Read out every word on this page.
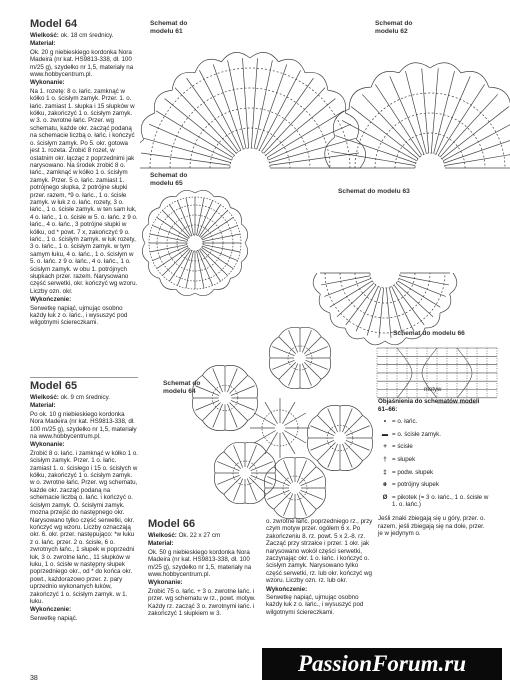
Model 64

Wielkość: ok. 18 cm średnicy.

Materiał:

Ok. 20 g niebieskiego kordonka Nora Madeira (nr kat. HS9813-338, dł. 100 m/25 g), szydełko nr 1,5, materiały na www.hobbycentrum.pl.

Wykonanie:

Na 1. rozetę: 8 o. łańc. zamknąć w kółko 1 o. ścisłym zamyk. Przer. 1. o. łańc. zamiast 1. słupka i 15 słupków w kółku, zakończyć 1 o. ścisłym zamyk. w 3. o. zwrotne łańc. Przer. wg schematu, każde okr. zacząć podaną na schemacie liczbą o. łańc. i kończyć o. ścisłym zamyk. Po 5. okr. gotowa jest 1. rozeta. Zrobić 8 rozet, w ostatnim okr. łącząc z poprzednimi jak narysowano. Na środek zrobić 8 o. łańc., zamknąć w kółko 1 o. ścisłym zamyk. Przer. 5 o. łańc. zamiast 1. potrójnego słupka, 2 potrójne słupki przer. razem, *9 o. łańc., 1 o. ścisłe zamyk. w łuk z o. łańc. rozety, 3 o. łańc., 1 o. ścisłe zamyk. w ten sam łuk, 4 o. łańc., 1 o. ścisłe w 5. o. łańc. z 9 o. łańc., 4 o. łańc., 3 potrójne słupki w kółku, od * powt. 7 x, zakończyć 9 o. łańc., 1 o. ścisłym zamyk. w łuk rozety, 3 o. łańc., 1 o. ścisłym zamyk. w tym samym łuku, 4 o. łańc., 1 o. ścisłym w 5. o. łańc. z 9 o. łańc., 4 o. łańc., 1 o. ścisłym zamyk. w obu 1. potrójnych słupkach przer. razem. Narysowano część serwetki, okr. kończyć wg wzoru. Liczby ozn. okr.

Wykończenie:

Serwetkę napiąć, ujmując osobno każdy łuk z o. łańc., i wysuszyć pod wilgotnymi ściereczkami.

Model 65

Wielkość: ok. 9 cm średnicy.

Materiał:

Po ok. 10 g niebieskiego kordonka Nora Madeira (nr kat. HS9813-338, dł. 100 m/25 g), szydełko nr 1,5, materiały na www.hobbycentrum.pl.

Wykonanie:

Zrobić 8 o. łańc. i zamknąć w kółko 1 o. ścisłym zamyk. Przer. 1 o. łańc. zamiast 1. o. ścisłego i 15 o. ścisłych w kółku, zakończyć 1 o. ścisłym zamyk. w o. zwrotne łańc. Przer. wg schematu, każde okr. zacząć podaną na schemacie liczbą o. łańc. i kończyć o. ścisłym zamyk. O. ścisłymi zamyk. mozna przejść do następnego okr. Narysowano tylko część serwetki, okr. kończyć wg wzoru. Liczby oznaczają okr. 6. okr. przer. następująco: *w łuku z o. łańc. przer. 2 o. ścisłe, 6 o. zwrotnych łańc., 1 słupek w poprzedni łuk, 3 o. zwrotne łańc., 11 słupków w łuku, 1 o. ścisłe w następny słupek poprzedniego okr., od * do końca okr. powt., każdorazowo przer. z. pary uprzednio wykonanych łuków, zakończyć 1 o. ścisłym zamyk. w 1. łuku.

Wykończenie:

Serwetkę napiąć.

Model 66

Wielkość: Ok. 22 x 27 cm

Materiał:

Ok. 50 g niebieskiego kordonka Nora Madeira (nr kat. HS9813-338, dł. 100 m/25 g), szydełko nr 1,5, materiały na www.hobbycentrum.pl.

Wykonanie:

Zrobić 75 o. łańc. + 3 o. zwrotne łańc. i przer. wg schematu w rz., powt. motyw. Każdy rz. zacząć 3 o. zwrotnymi łańc. i zakończyć 1 słupkiem w 3.

o. zwrotne łańc. poprzedniego rz., przy czym motyw przer. ogółem 6 x. Po zakończeniu 8. rz. powt. 5 x 2.-8. rz. Zacząć przy strzałce i przer. 1 okr. jak narysowano wokół części serwetki, zaczynając okr. 1 o. łańc. i kończyć o. ścisłym zamyk. Narysowano tylko część serwetki, rz. lub okr. kończyć wg wzoru. Liczby ozn. rz. lub okr.

Wykończenie:

Serwetkę napiąć, ujmując osobno każdy łuk z o. łańc., i wysuszyć pod wilgotnymi ściereczkami.

Schemat do modelu 61
Schemat do modelu 62
Schemat do modelu 65
Schemat do modelu 63
Schemat do modelu 64
Schemat do modelu 66
motyw
Objaśnienia do schematów modeli 61–66:
• = o. łańc.
▬ = o. ścisłe zamyk.
+ = ścisłe
† = słupek
‡ = podw. słupek
⧺ = potrójny słupek
Ø = pikotek (= 3 o. łańc., 1 o. ścisłe w 1. o. łańc.)
Jeśli znaki zbiegają się u góry, przer. o. razem, jeśli zbiegają się na dole, przer. je w jedynym o.
38
PassionForum.ru
